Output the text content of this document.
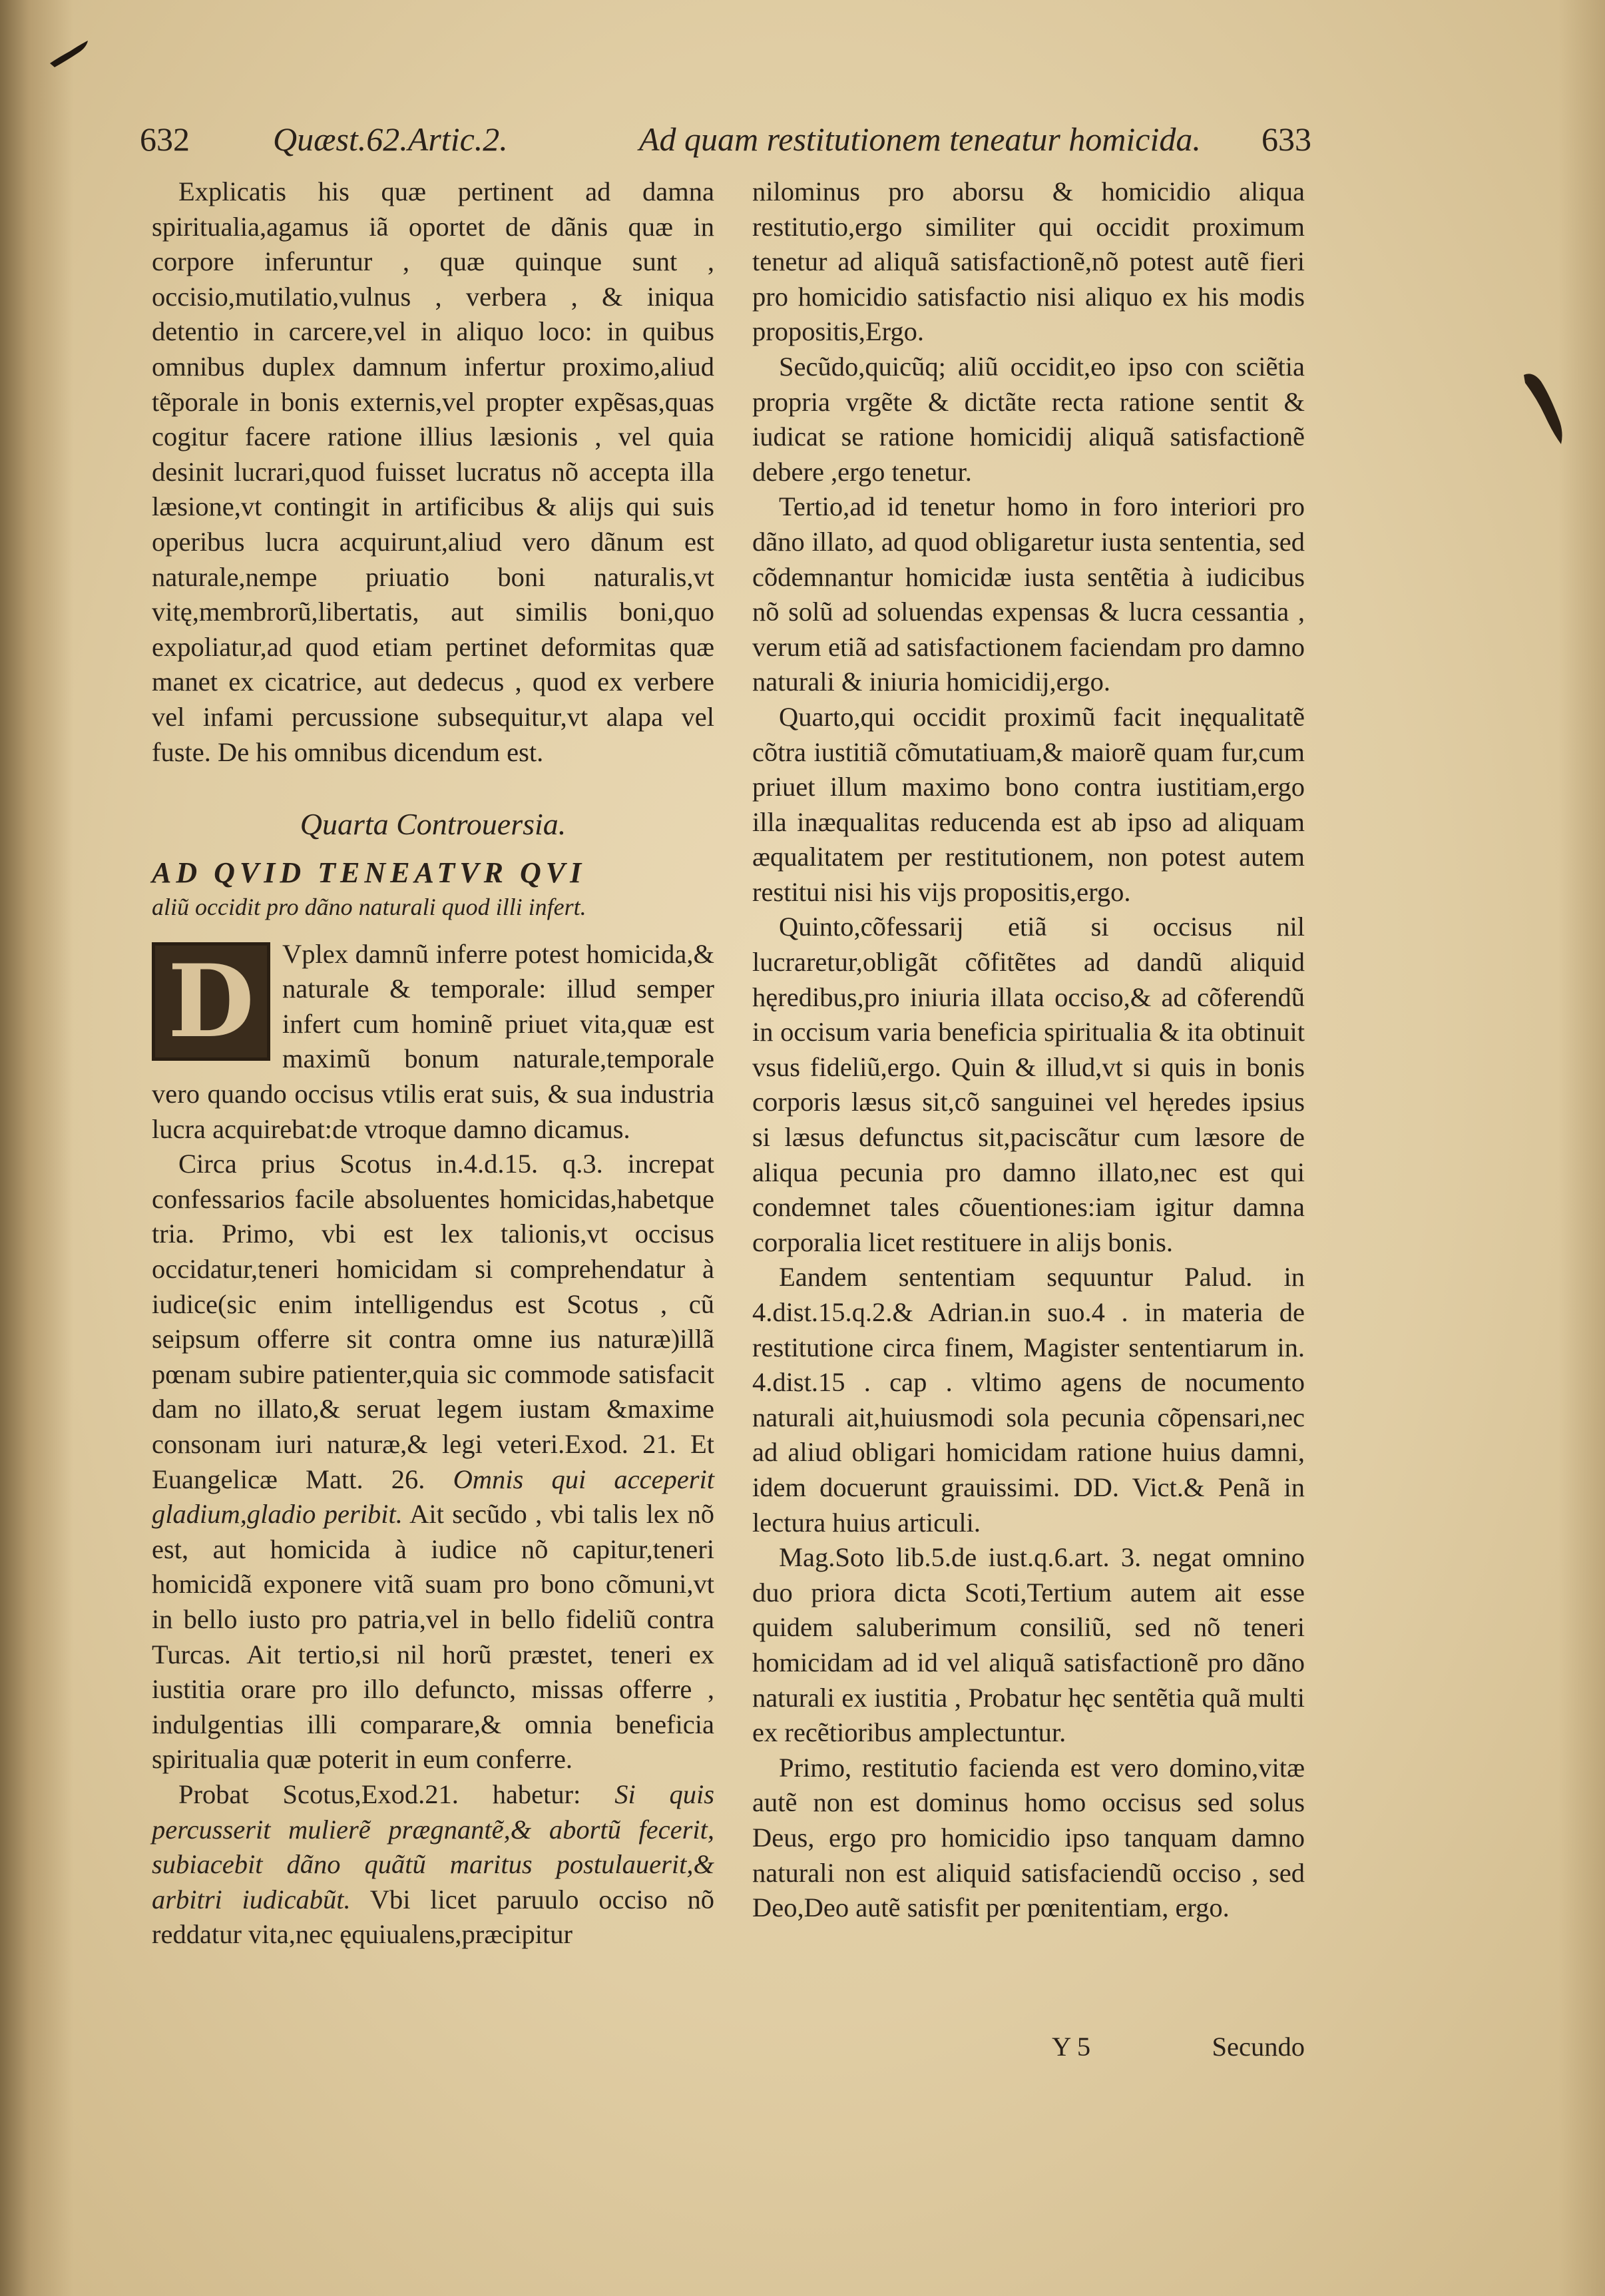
632	Quæst.62.Artic.2.	Ad quam restitutionem teneatur homicida. 633

Explicatis his quæ pertinent ad damna spiritualia,agamus iã oportet de dãnis quæ in corpore inferuntur , quæ quinque sunt , occisio,mutilatio,vulnus , verbera , & iniqua detentio in carcere,vel in aliquo loco: in quibus omnibus duplex damnum infertur proximo,aliud tẽporale in bonis externis,vel propter expẽsas,quas cogitur facere ratione illius læsionis , vel quia desinit lucrari,quod fuisset lucratus nõ accepta illa læsione,vt contingit in artificibus & alijs qui suis operibus lucra acquirunt,aliud vero dãnum est naturale,nempe priuatio boni naturalis,vt vitę,membrorũ,libertatis, aut similis boni,quo expoliatur,ad quod etiam pertinet deformitas quæ manet ex cicatrice, aut dedecus , quod ex verbere vel infami percussione subsequitur,vt alapa vel fuste. De his omnibus dicendum est.

Quarta Controuersia.

AD QVID TENEATVR QVI

aliũ occidit pro dãno naturali quod illi infert.

D	Vplex damnũ inferre potest homicida,& naturale & temporale: illud semper infert cum hominẽ priuet vita,quæ est maximũ bonum naturale,temporale vero quando occisus vtilis erat suis, & sua industria lucra acquirebat:de vtroque damno dicamus.

Circa prius Scotus in.4.d.15. q.3. increpat confessarios facile absoluentes homicidas,habetque tria. Primo, vbi est lex talionis,vt occisus occidatur,teneri homicidam si comprehendatur à iudice(sic enim intelligendus est Scotus , cũ seipsum offerre sit contra omne ius naturæ)illã pœnam subire patienter,quia sic commode satisfacit dam no illato,& seruat legem iustam &maxime consonam iuri naturæ,& legi veteri.Exod. 21. Et Euangelicæ Matt. 26. Omnis qui acceperit gladium,gladio peribit. Ait secũdo , vbi talis lex nõ est, aut homicida à iudice nõ capitur,teneri homicidã exponere vitã suam pro bono cõmuni,vt in bello iusto pro patria,vel in bello fideliũ contra Turcas. Ait tertio,si nil horũ præstet, teneri ex iustitia orare pro illo defuncto, missas offerre , indulgentias illi comparare,& omnia beneficia spiritualia quæ poterit in eum conferre.

Probat Scotus,Exod.21. habetur: Si quis percusserit mulierẽ prægnantẽ,& abortũ fecerit, subiacebit dãno quãtũ maritus postulauerit,& arbitri iudicabũt. Vbi licet paruulo occiso nõ reddatur vita,nec ęquiualens,præcipitur

nilominus pro aborsu & homicidio aliqua restitutio,ergo similiter qui occidit proximum tenetur ad aliquã satisfactionẽ,nõ potest autẽ fieri pro homicidio satisfactio nisi aliquo ex his modis propositis,Ergo.

Secũdo,quicũq; aliũ occidit,eo ipso con sciẽtia propria vrgẽte & dictãte recta ratione sentit & iudicat se ratione homicidij aliquã satisfactionẽ debere ,ergo tenetur.

Tertio,ad id tenetur homo in foro interiori pro dãno illato, ad quod obligaretur iusta sententia, sed cõdemnantur homicidæ iusta sentẽtia à iudicibus nõ solũ ad soluendas expensas & lucra cessantia , verum etiã ad satisfactionem faciendam pro damno naturali & iniuria homicidij,ergo.

Quarto,qui occidit proximũ facit inęqualitatẽ cõtra iustitiã cõmutatiuam,& maiorẽ quam fur,cum priuet illum maximo bono contra iustitiam,ergo illa inæqualitas reducenda est ab ipso ad aliquam æqualitatem per restitutionem, non potest autem restitui nisi his vijs propositis,ergo.

Quinto,cõfessarij etiã si occisus nil lucraretur,obligãt cõfitẽtes ad dandũ aliquid hęredibus,pro iniuria illata occiso,& ad cõferendũ in occisum varia beneficia spiritualia & ita obtinuit vsus fideliũ,ergo. Quin & illud,vt si quis in bonis corporis læsus sit,cõ sanguinei vel hęredes ipsius si læsus defunctus sit,paciscãtur cum læsore de aliqua pecunia pro damno illato,nec est qui condemnet tales cõuentiones:iam igitur damna corporalia licet restituere in alijs bonis.

Eandem sententiam sequuntur Palud. in 4.dist.15.q.2.& Adrian.in suo.4 . in materia de restitutione circa finem, Magister sententiarum in. 4.dist.15 . cap . vltimo agens de nocumento naturali ait,huiusmodi sola pecunia cõpensari,nec ad aliud obligari homicidam ratione huius damni, idem docuerunt grauissimi. DD. Vict.& Penã in lectura huius articuli.

Mag.Soto lib.5.de iust.q.6.art. 3. negat omnino duo priora dicta Scoti,Tertium autem ait esse quidem saluberimum consiliũ, sed nõ teneri homicidam ad id vel aliquã satisfactionẽ pro dãno naturali ex iustitia , Probatur hęc sentẽtia quã multi ex recẽtioribus amplectuntur.

Primo, restitutio facienda est vero domino,vitæ autẽ non est dominus homo occisus sed solus Deus, ergo pro homicidio ipso tanquam damno naturali non est aliquid satisfaciendũ occiso , sed Deo,Deo autẽ satisfit per pœnitentiam, ergo.

Y 5	Secundo
